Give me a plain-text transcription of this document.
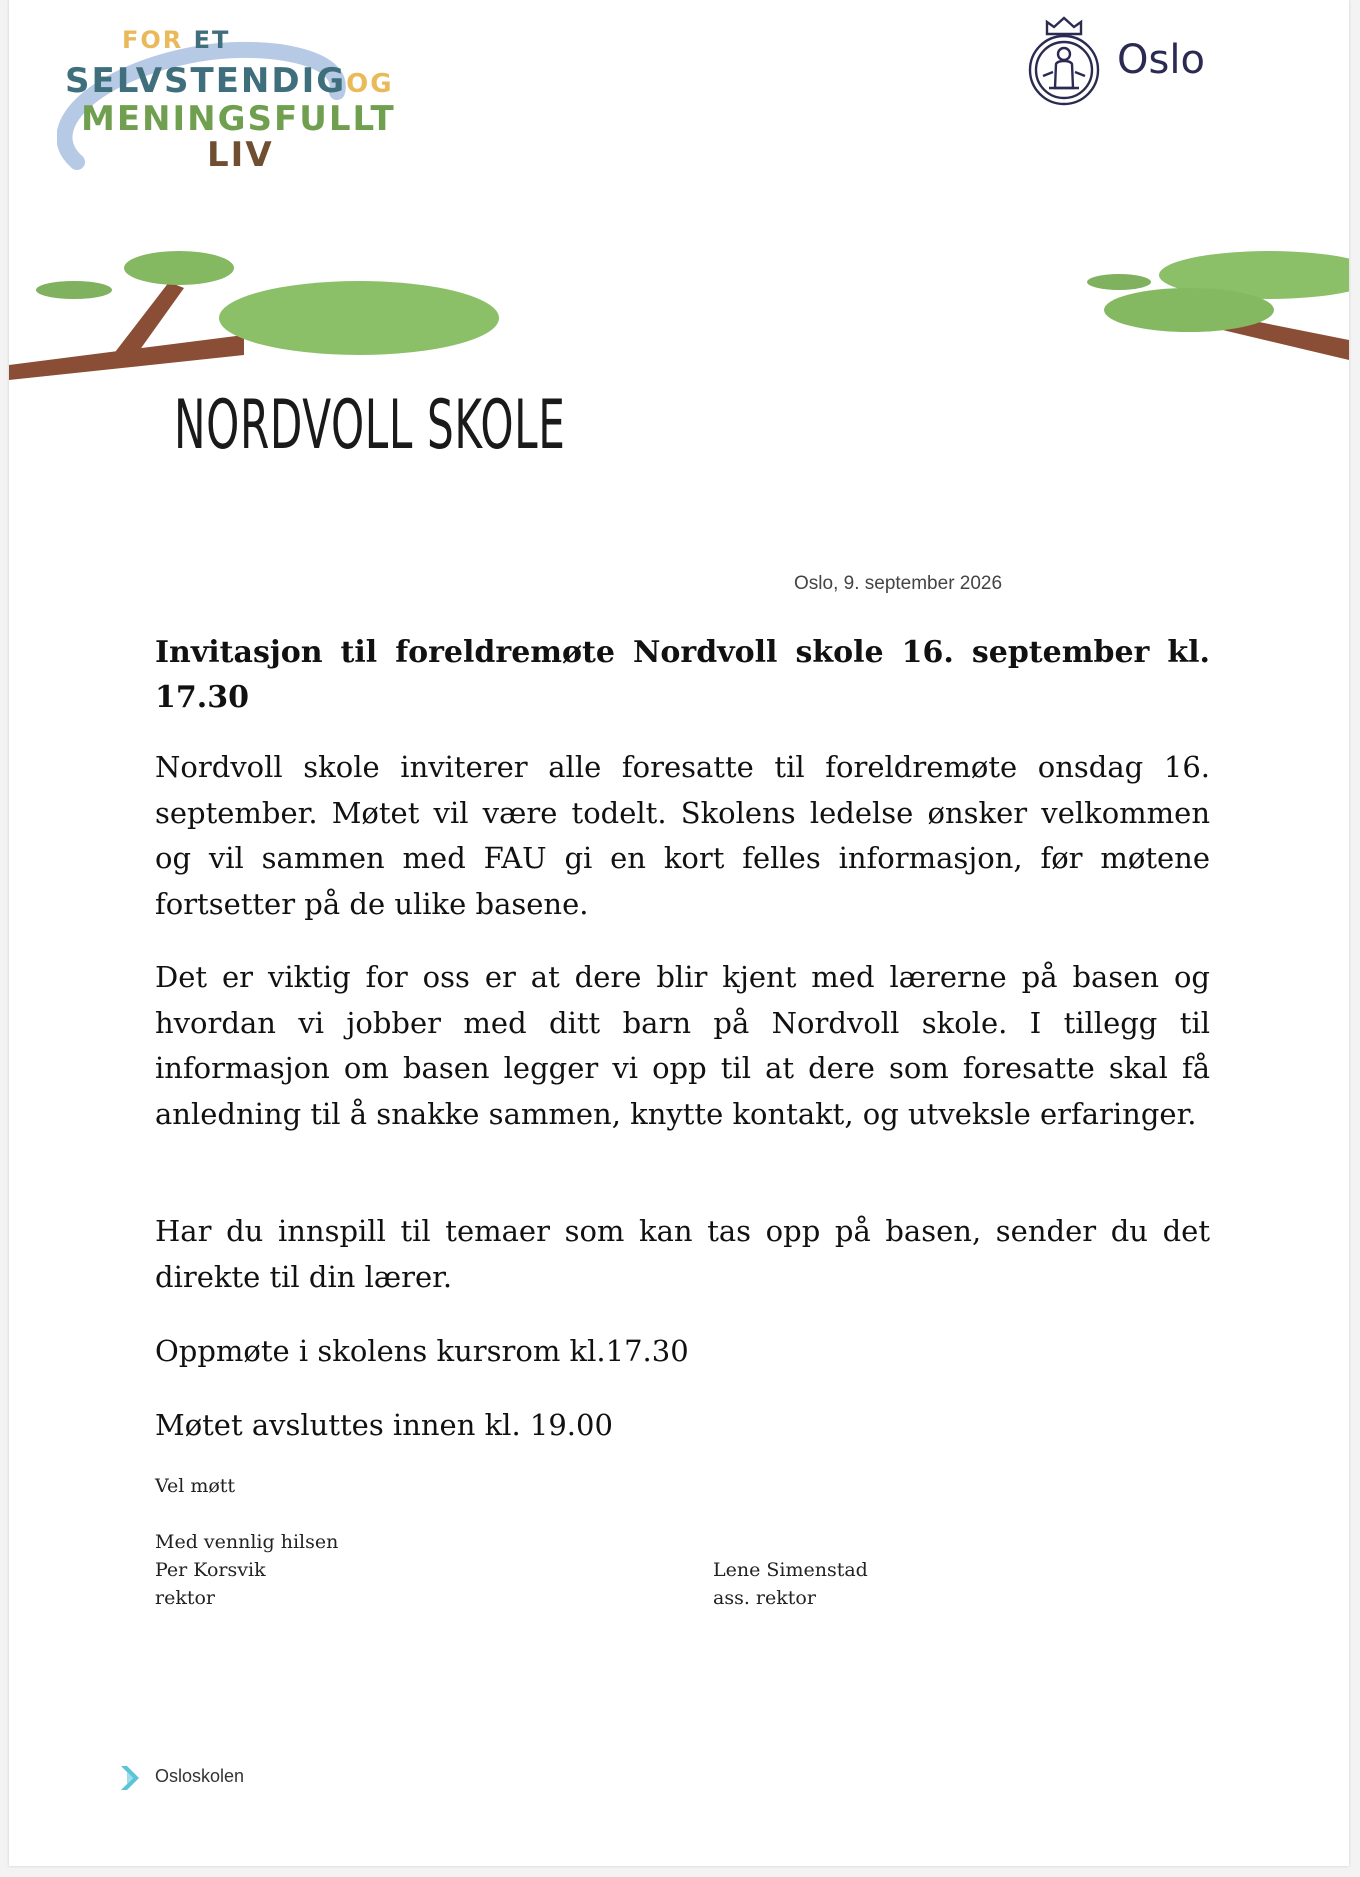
FOR ET
SELVSTENDIGOG
MENINGSFULLT
LIV
Oslo
NORDVOLL SKOLE
Oslo, 9. september 2026
Invitasjon til foreldremøte Nordvoll skole 16. september kl. 17.30

Nordvoll skole inviterer alle foresatte til foreldremøte onsdag 16. september. Møtet vil være todelt. Skolens ledelse ønsker velkommen og vil sammen med FAU gi en kort felles informasjon, før møtene fortsetter på de ulike basene.

Det er viktig for oss er at dere blir kjent med lærerne på basen og hvordan vi jobber med ditt barn på Nordvoll skole. I tillegg til informasjon om basen legger vi opp til at dere som foresatte skal få anledning til å snakke sammen, knytte kontakt, og utveksle erfaringer.

Har du innspill til temaer som kan tas opp på basen, sender du det direkte til din lærer.

Oppmøte i skolens kursrom kl.17.30

Møtet avsluttes innen kl. 19.00

Vel møtt
Med vennlig hilsen
Per Korsvik
rektor
Lene Simenstad
ass. rektor
Osloskolen
